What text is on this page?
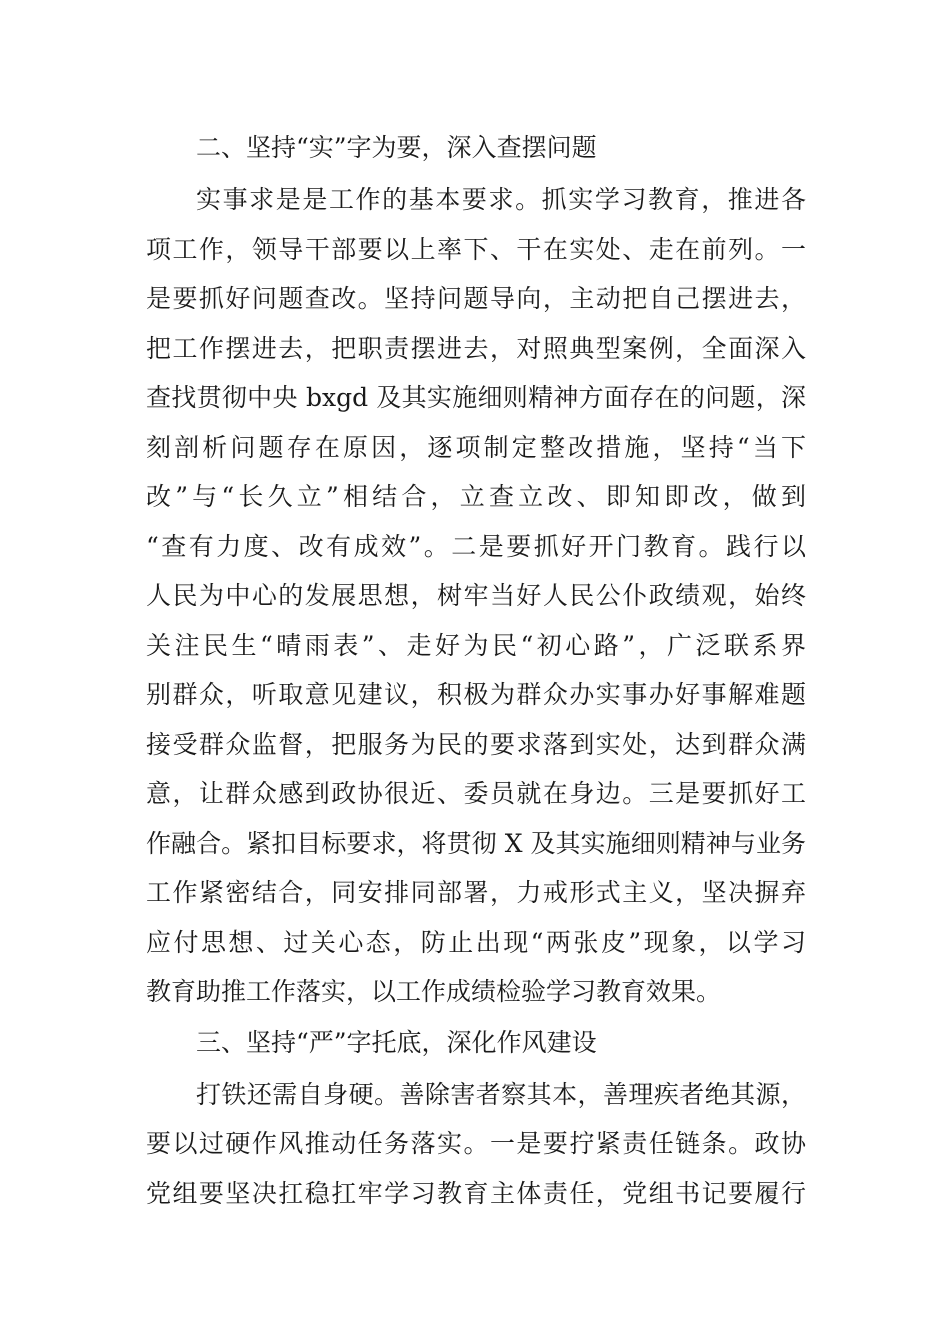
二、坚持“实”字为要，深入查摆问题
实事求是是工作的基本要求。抓实学习教育，推进各
项工作，领导干部要以上率下、干在实处、走在前列。一
是要抓好问题查改。坚持问题导向，主动把自己摆进去，
把工作摆进去，把职责摆进去，对照典型案例，全面深入
查找贯彻中央 bxgd 及其实施细则精神方面存在的问题，深
刻剖析问题存在原因，逐项制定整改措施，坚持“当下
改”与“长久立”相结合，立查立改、即知即改，做到
“查有力度、改有成效”。二是要抓好开门教育。践行以
人民为中心的发展思想，树牢当好人民公仆政绩观，始终
关注民生“晴雨表”、走好为民“初心路”，广泛联系界
别群众，听取意见建议，积极为群众办实事办好事解难题
接受群众监督，把服务为民的要求落到实处，达到群众满
意，让群众感到政协很近、委员就在身边。三是要抓好工
作融合。紧扣目标要求，将贯彻 X 及其实施细则精神与业务
工作紧密结合，同安排同部署，力戒形式主义，坚决摒弃
应付思想、过关心态，防止出现“两张皮”现象，以学习
教育助推工作落实，以工作成绩检验学习教育效果。
三、坚持“严”字托底，深化作风建设
打铁还需自身硬。善除害者察其本，善理疾者绝其源，
要以过硬作风推动任务落实。一是要拧紧责任链条。政协
党组要坚决扛稳扛牢学习教育主体责任，党组书记要履行
